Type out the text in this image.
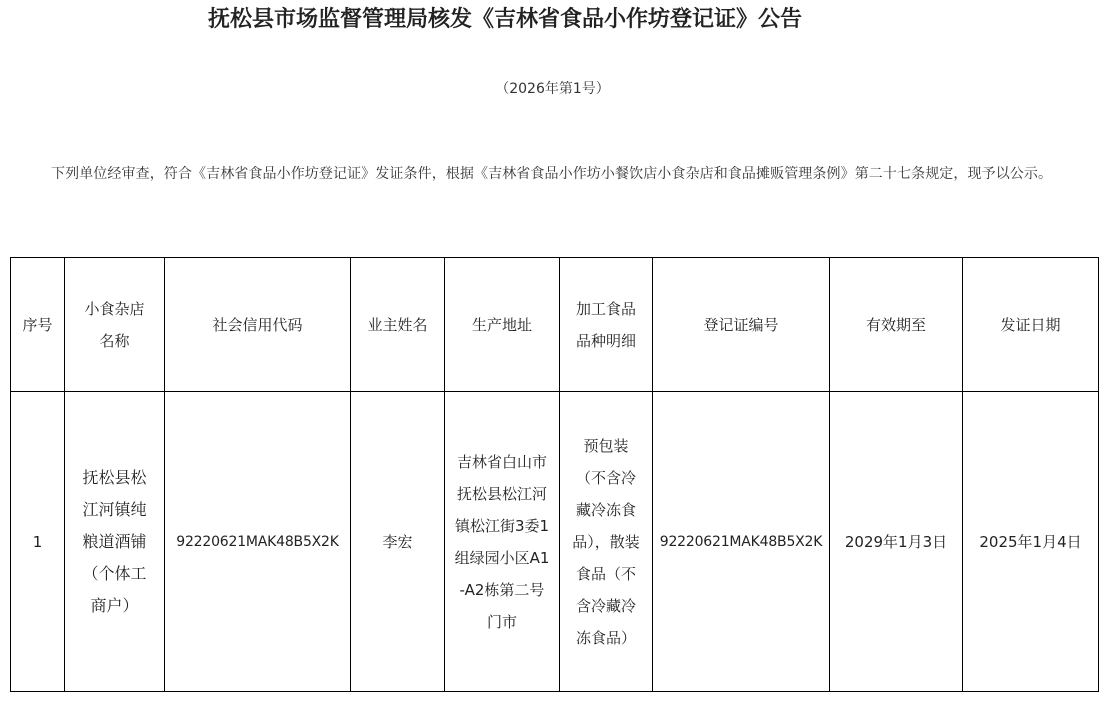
抚松县市场监督管理局核发《吉林省食品小作坊登记证》公告
（2026年第1号）
下列单位经审查，符合《吉林省食品小作坊登记证》发证条件，根据《吉林省食品小作坊小餐饮店小食杂店和食品摊贩管理条例》第二十七条规定，现予以公示。
序号	小食杂店名称	社会信用代码	业主姓名	生产地址	加工食品品种明细	登记证编号	有效期至	发证日期
1	抚松县松江河镇纯粮道酒铺（个体工商户）	92220621MAK48B5X2K	李宏	吉林省白山市抚松县松江河镇松江街3委1组绿园小区A1-A2栋第二号门市	预包装（不含冷藏冷冻食品），散装食品（不含冷藏冷冻食品）	92220621MAK48B5X2K	2029年1月3日	2025年1月4日
